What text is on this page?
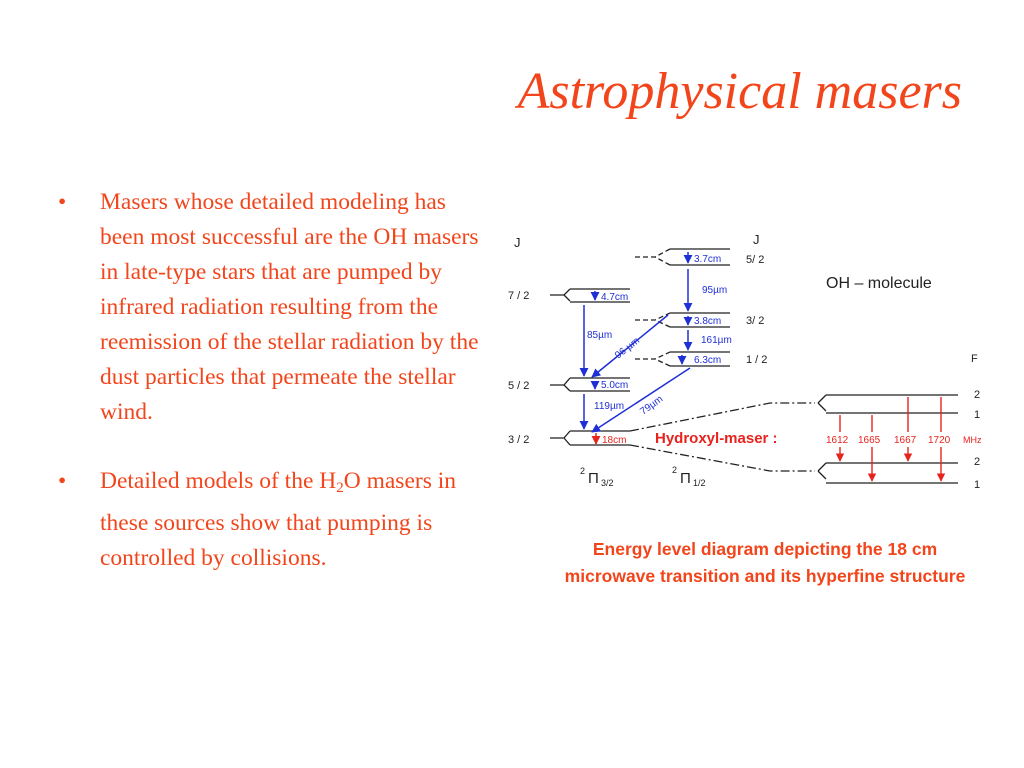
Astrophysical masers
• Masers whose detailed modeling has been most successful are the OH masers in late-type stars that are pumped by infrared radiation resulting from the reemission of the stellar radiation by the dust particles that permeate the stellar wind.
• Detailed models of the $H_2O$ masers in these sources show that pumping is controlled by collisions.
J	J
F
OH – molecule
7 / 2
5 / 2
3 / 2
5/ 2
3/ 2
1 / 2
3.7cm
95µm
4.7cm
3.8cm
161µm
85µm 96 µm	6.3cm
5.0cm
119µm 79µm
18cm Hydroxyl-maser :
2
1
2
1
1612 1665 1667 1720 MHz
2 Π 3/2
2 Π 1/2
Energy level diagram depicting the 18 cm microwave transition and its hyperfine structure
